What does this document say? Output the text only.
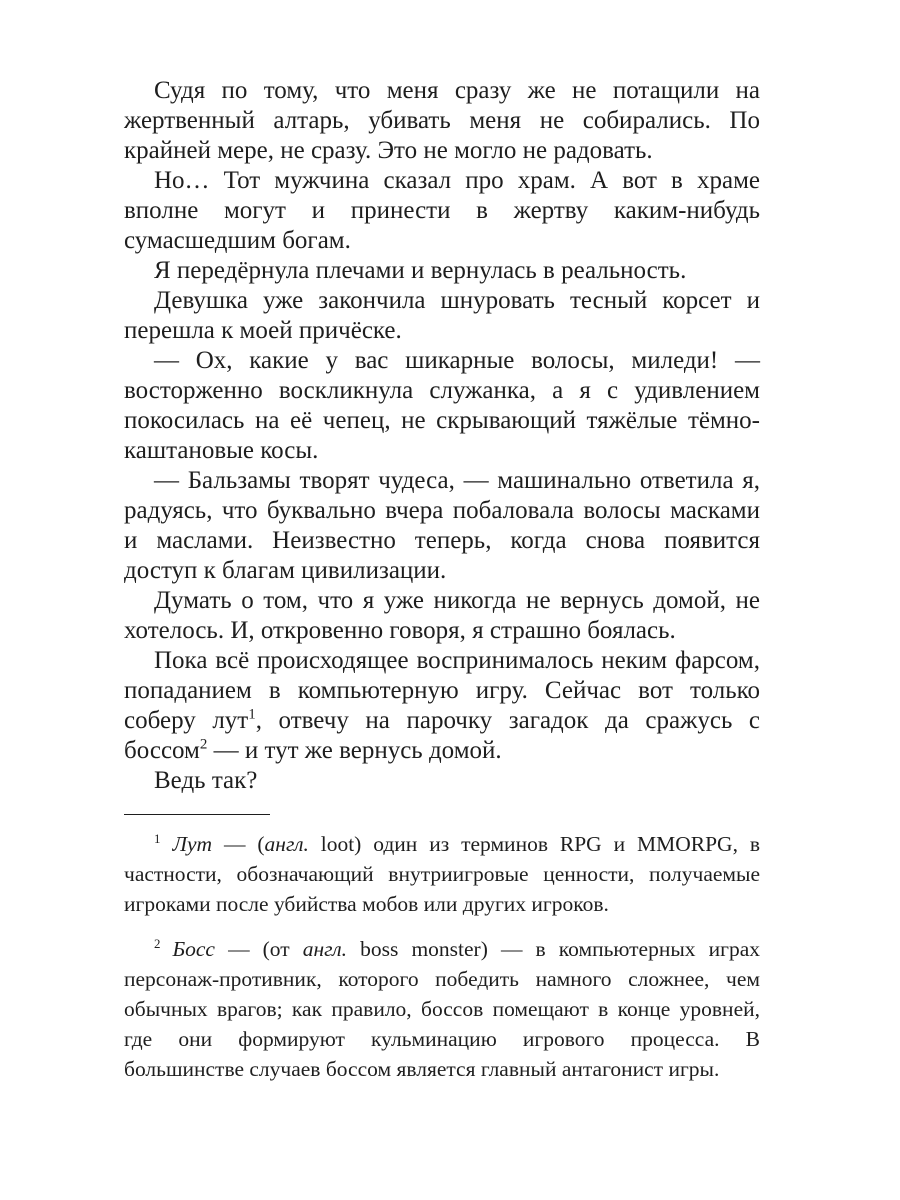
Судя по тому, что меня сразу же не потащили на жертвенный алтарь, убивать меня не собирались. По крайней мере, не сразу. Это не могло не радовать.

Но… Тот мужчина сказал про храм. А вот в храме вполне могут и принести в жертву каким-нибудь сумасшедшим богам.

Я передёрнула плечами и вернулась в реальность.

Девушка уже закончила шнуровать тесный корсет и перешла к моей причёске.

— Ох, какие у вас шикарные волосы, миледи! — восторженно воскликнула служанка, а я с удивлением покосилась на её чепец, не скрывающий тяжёлые тёмно-каштановые косы.

— Бальзамы творят чудеса, — машинально ответила я, радуясь, что буквально вчера побаловала волосы масками и маслами. Неизвестно теперь, когда снова появится доступ к благам цивилизации.

Думать о том, что я уже никогда не вернусь домой, не хотелось. И, откровенно говоря, я страшно боялась.

Пока всё происходящее воспринималось неким фарсом, попаданием в компьютерную игру. Сейчас вот только соберу лут$^1$, отвечу на парочку загадок да сражусь с боссом$^2$ — и тут же вернусь домой.

Ведь так?

$^1$ Лут — (англ. loot) один из терминов RPG и MMORPG, в частности, обозначающий внутриигровые ценности, получаемые игроками после убийства мобов или других игроков.

$^2$ Босс — (от англ. boss monster) — в компьютерных играх персонаж-противник, которого победить намного сложнее, чем обычных врагов; как правило, боссов помещают в конце уровней, где они формируют кульминацию игрового процесса. В большинстве случаев боссом является главный антагонист игры.
